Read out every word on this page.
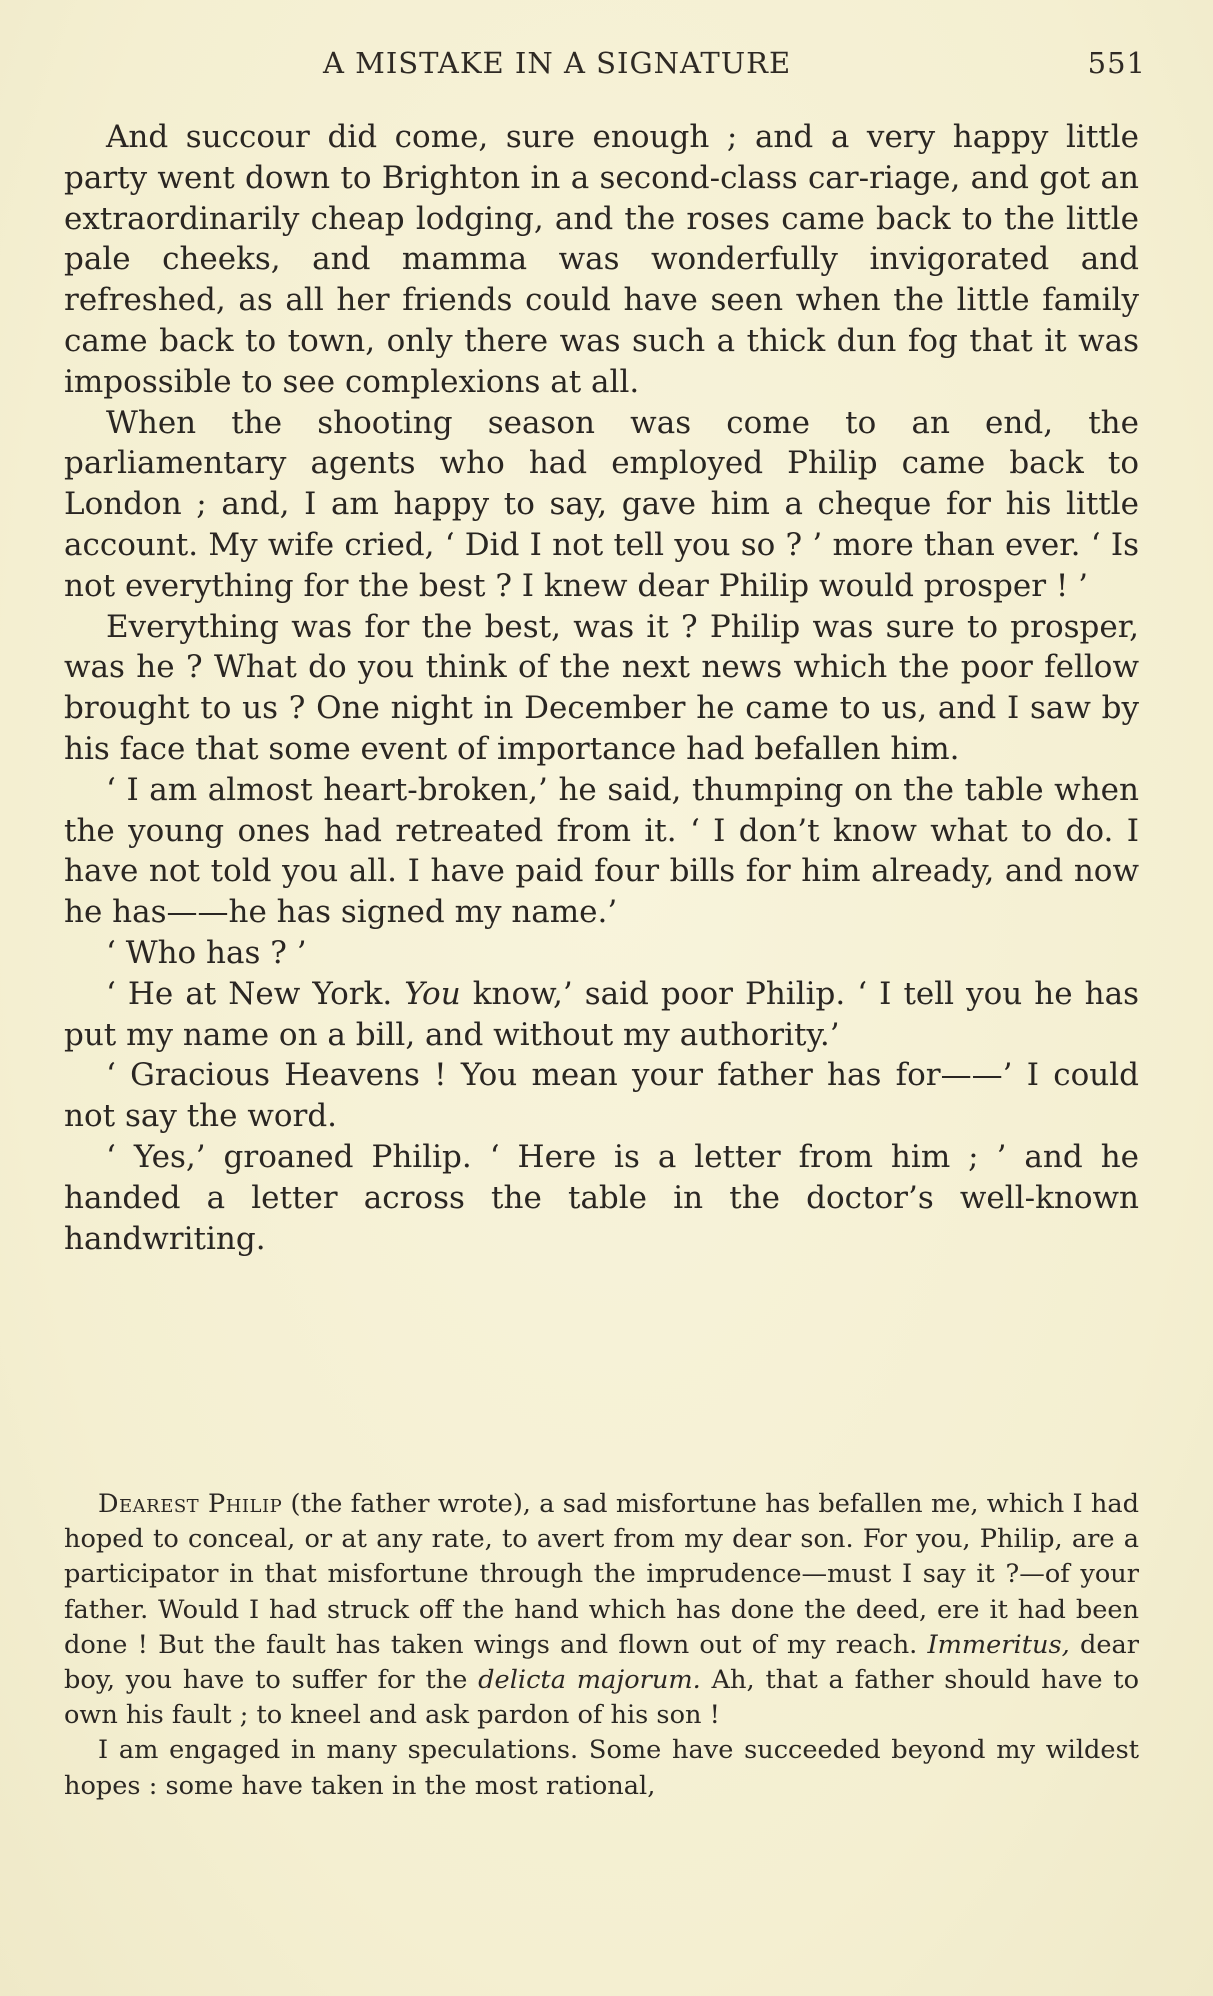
A MISTAKE IN A SIGNATURE	551

And succour did come, sure enough ; and a very happy little party went down to Brighton in a second-class car-riage, and got an extraordinarily cheap lodging, and the roses came back to the little pale cheeks, and mamma was wonderfully invigorated and refreshed, as all her friends could have seen when the little family came back to town, only there was such a thick dun fog that it was impossible to see complexions at all.

When the shooting season was come to an end, the parliamentary agents who had employed Philip came back to London ; and, I am happy to say, gave him a cheque for his little account. My wife cried, ‘ Did I not tell you so ? ’ more than ever. ‘ Is not everything for the best ? I knew dear Philip would prosper ! ’

Everything was for the best, was it ? Philip was sure to prosper, was he ? What do you think of the next news which the poor fellow brought to us ? One night in December he came to us, and I saw by his face that some event of importance had befallen him.

‘ I am almost heart-broken,’ he said, thumping on the table when the young ones had retreated from it. ‘ I don’t know what to do. I have not told you all. I have paid four bills for him already, and now he has——he has signed my name.’

‘ Who has ? ’

‘ He at New York. You know,’ said poor Philip. ‘ I tell you he has put my name on a bill, and without my authority.’

‘ Gracious Heavens ! You mean your father has for——’ I could not say the word.

‘ Yes,’ groaned Philip. ‘ Here is a letter from him ; ’ and he handed a letter across the table in the doctor’s well-known handwriting.

Dearest Philip (the father wrote), a sad misfortune has befallen me, which I had hoped to conceal, or at any rate, to avert from my dear son. For you, Philip, are a participator in that misfortune through the imprudence—must I say it ?—of your father. Would I had struck off the hand which has done the deed, ere it had been done ! But the fault has taken wings and flown out of my reach. Immeritus, dear boy, you have to suffer for the delicta majorum. Ah, that a father should have to own his fault ; to kneel and ask pardon of his son !

I am engaged in many speculations. Some have succeeded beyond my wildest hopes : some have taken in the most rational,
